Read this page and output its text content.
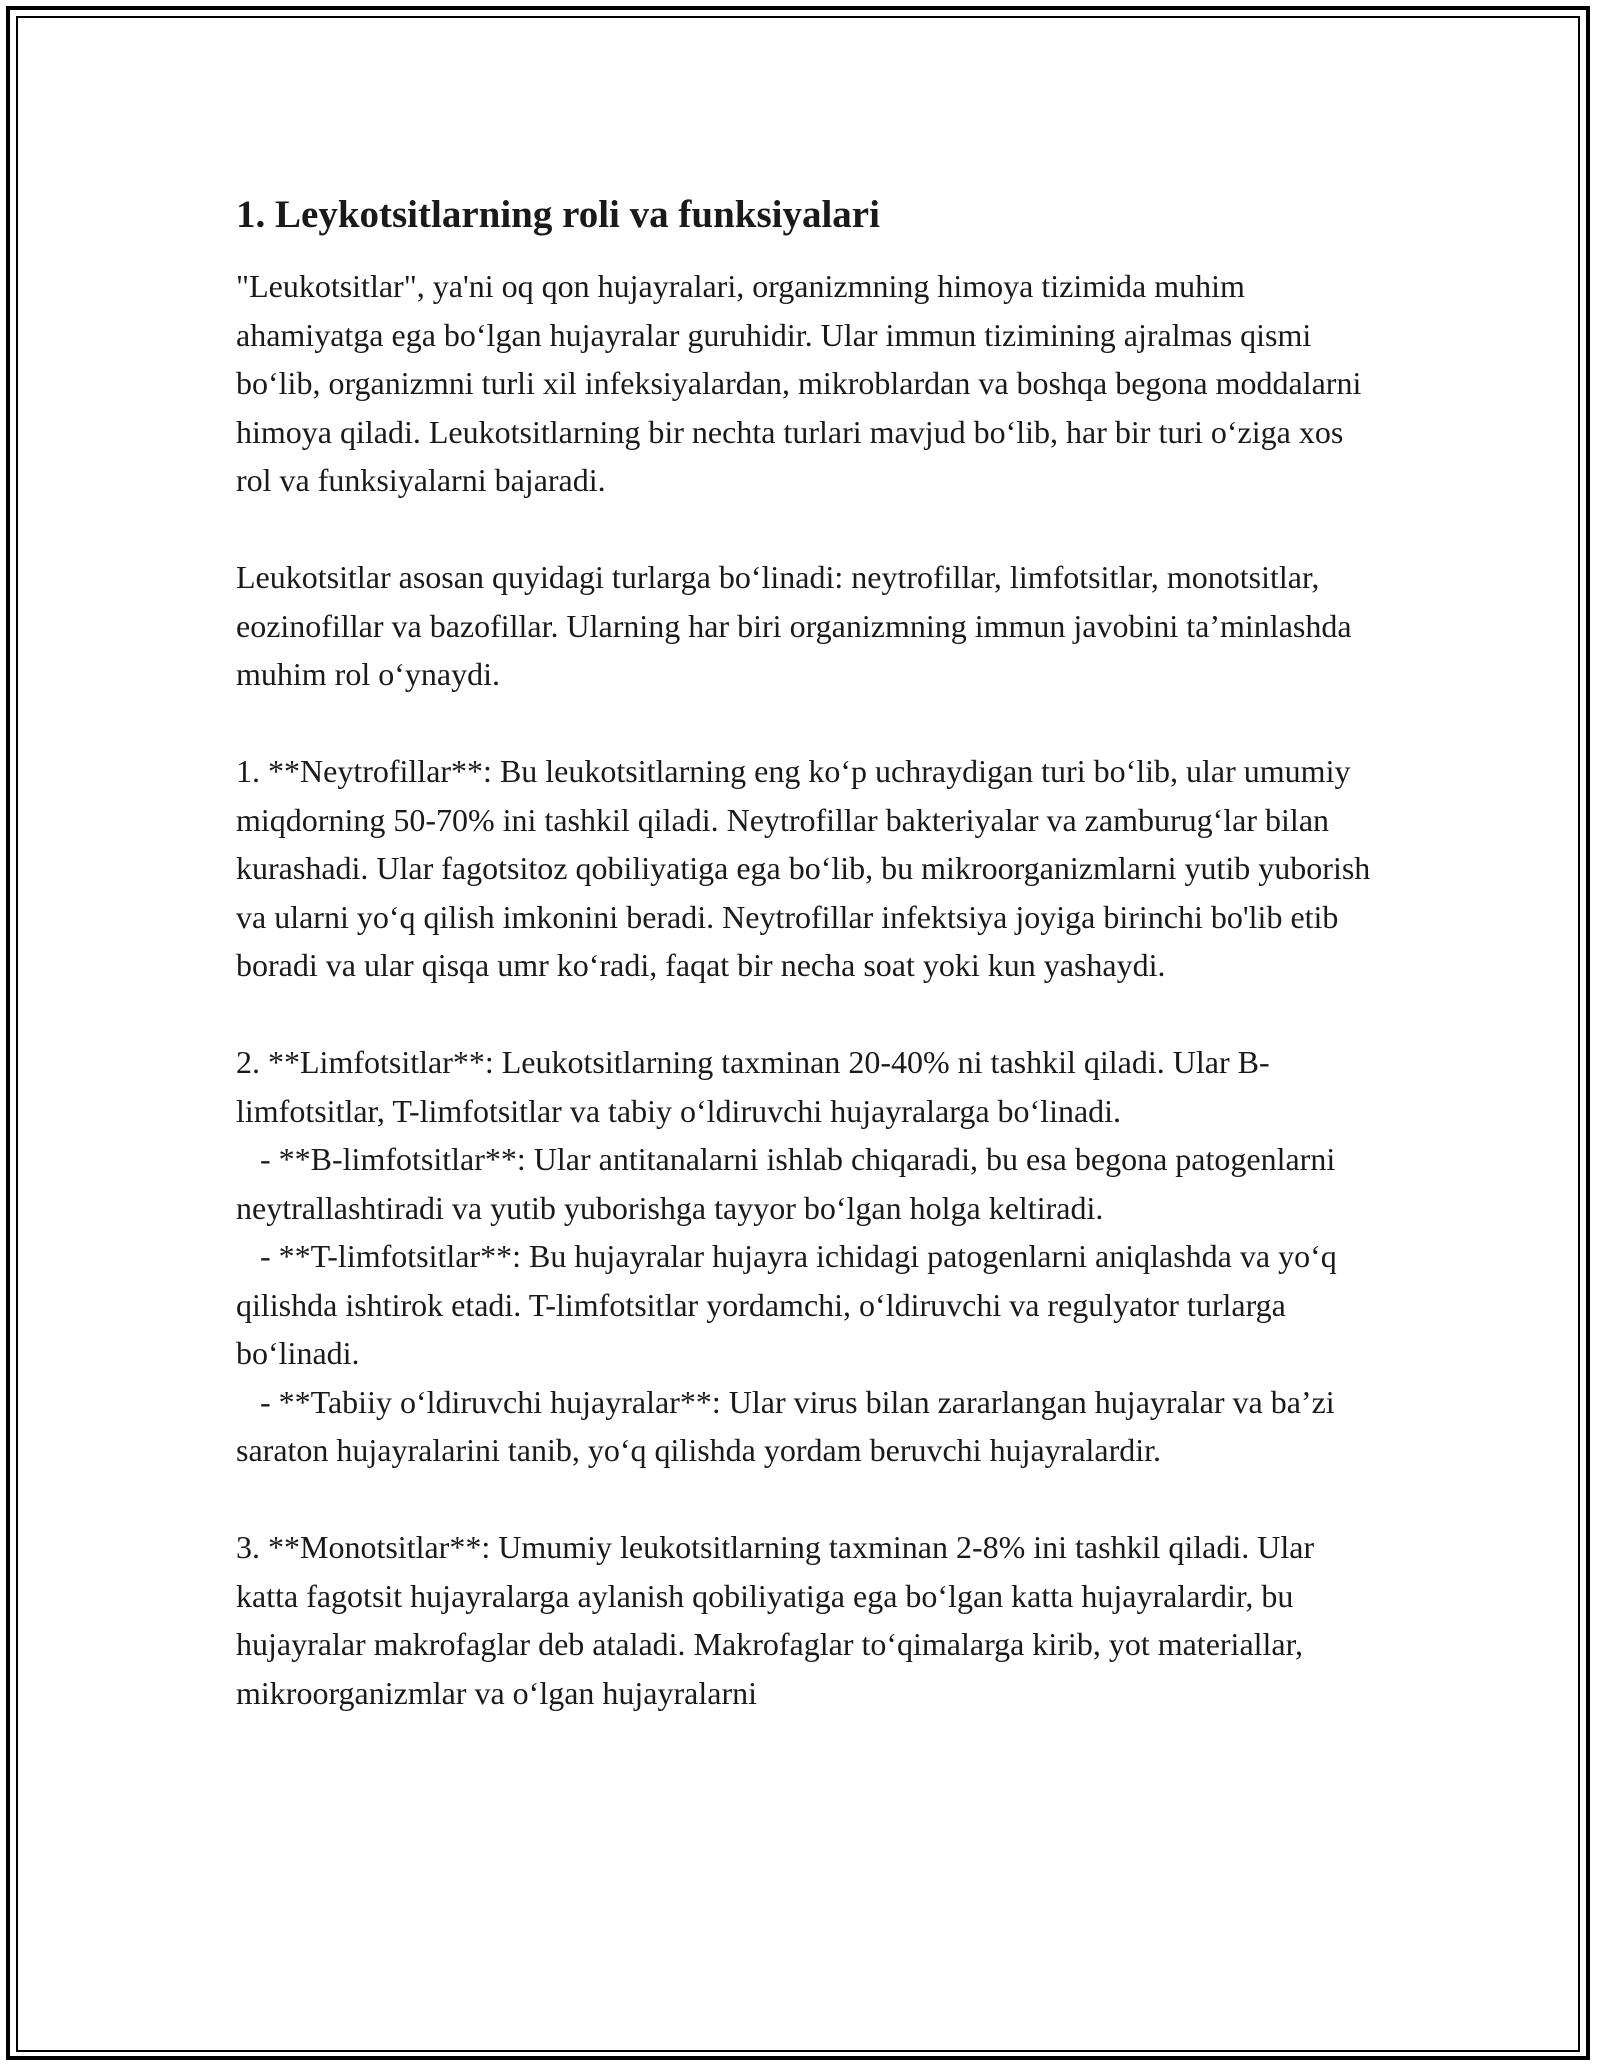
1. Leykotsitlarning roli va funksiyalari

"Leukotsitlar", ya'ni oq qon hujayralari, organizmning himoya tizimida muhim ahamiyatga ega bo‘lgan hujayralar guruhidir. Ular immun tizimining ajralmas qismi bo‘lib, organizmni turli xil infeksiyalardan, mikroblardan va boshqa begona moddalarni himoya qiladi. Leukotsitlarning bir nechta turlari mavjud bo‘lib, har bir turi o‘ziga xos rol va funksiyalarni bajaradi.

Leukotsitlar asosan quyidagi turlarga bo‘linadi: neytrofillar, limfotsitlar, monotsitlar, eozinofillar va bazofillar. Ularning har biri organizmning immun javobini ta’minlashda muhim rol o‘ynaydi.

1. **Neytrofillar**: Bu leukotsitlarning eng ko‘p uchraydigan turi bo‘lib, ular umumiy miqdorning 50-70% ini tashkil qiladi. Neytrofillar bakteriyalar va zamburug‘lar bilan kurashadi. Ular fagotsitoz qobiliyatiga ega bo‘lib, bu mikroorganizmlarni yutib yuborish va ularni yo‘q qilish imkonini beradi. Neytrofillar infektsiya joyiga birinchi bo'lib etib boradi va ular qisqa umr ko‘radi, faqat bir necha soat yoki kun yashaydi.

2. **Limfotsitlar**: Leukotsitlarning taxminan 20-40% ni tashkil qiladi. Ular B-limfotsitlar, T-limfotsitlar va tabiy o‘ldiruvchi hujayralarga bo‘linadi.
- **B-limfotsitlar**: Ular antitanalarni ishlab chiqaradi, bu esa begona patogenlarni neytrallashtiradi va yutib yuborishga tayyor bo‘lgan holga keltiradi.
- **T-limfotsitlar**: Bu hujayralar hujayra ichidagi patogenlarni aniqlashda va yo‘q qilishda ishtirok etadi. T-limfotsitlar yordamchi, o‘ldiruvchi va regulyator turlarga bo‘linadi.
- **Tabiiy o‘ldiruvchi hujayralar**: Ular virus bilan zararlangan hujayralar va ba’zi saraton hujayralarini tanib, yo‘q qilishda yordam beruvchi hujayralardir.

3. **Monotsitlar**: Umumiy leukotsitlarning taxminan 2-8% ini tashkil qiladi. Ular katta fagotsit hujayralarga aylanish qobiliyatiga ega bo‘lgan katta hujayralardir, bu hujayralar makrofaglar deb ataladi. Makrofaglar to‘qimalarga kirib, yot materiallar, mikroorganizmlar va o‘lgan hujayralarni
